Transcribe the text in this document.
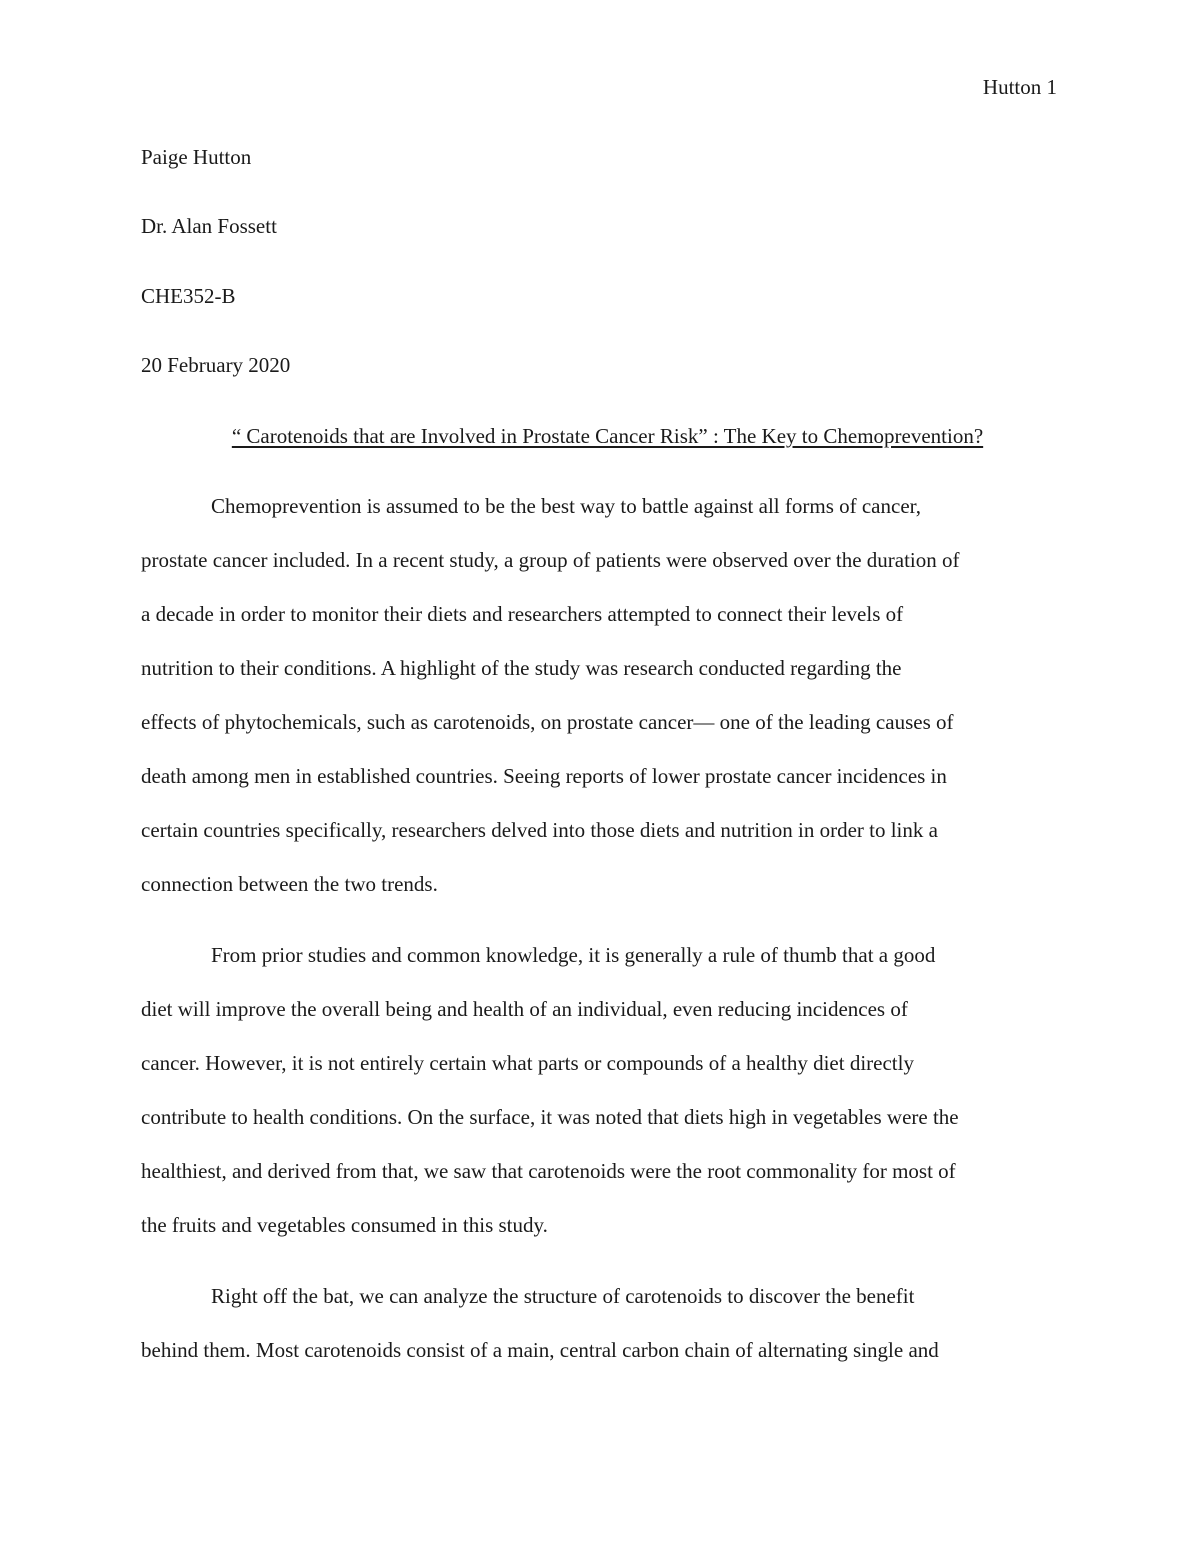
Hutton 1
Paige Hutton
Dr. Alan Fossett
CHE352-B
20 February 2020
“ Carotenoids that are Involved in Prostate Cancer Risk” : The Key to Chemoprevention?
Chemoprevention is assumed to be the best way to battle against all forms of cancer,
prostate cancer included. In a recent study, a group of patients were observed over the duration of
a decade in order to monitor their diets and researchers attempted to connect their levels of
nutrition to their conditions. A highlight of the study was research conducted regarding the
effects of phytochemicals, such as carotenoids, on prostate cancer— one of the leading causes of
death among men in established countries. Seeing reports of lower prostate cancer incidences in
certain countries specifically, researchers delved into those diets and nutrition in order to link a
connection between the two trends.
From prior studies and common knowledge, it is generally a rule of thumb that a good
diet will improve the overall being and health of an individual, even reducing incidences of
cancer. However, it is not entirely certain what parts or compounds of a healthy diet directly
contribute to health conditions. On the surface, it was noted that diets high in vegetables were the
healthiest, and derived from that, we saw that carotenoids were the root commonality for most of
the fruits and vegetables consumed in this study.
Right off the bat, we can analyze the structure of carotenoids to discover the benefit
behind them. Most carotenoids consist of a main, central carbon chain of alternating single and
